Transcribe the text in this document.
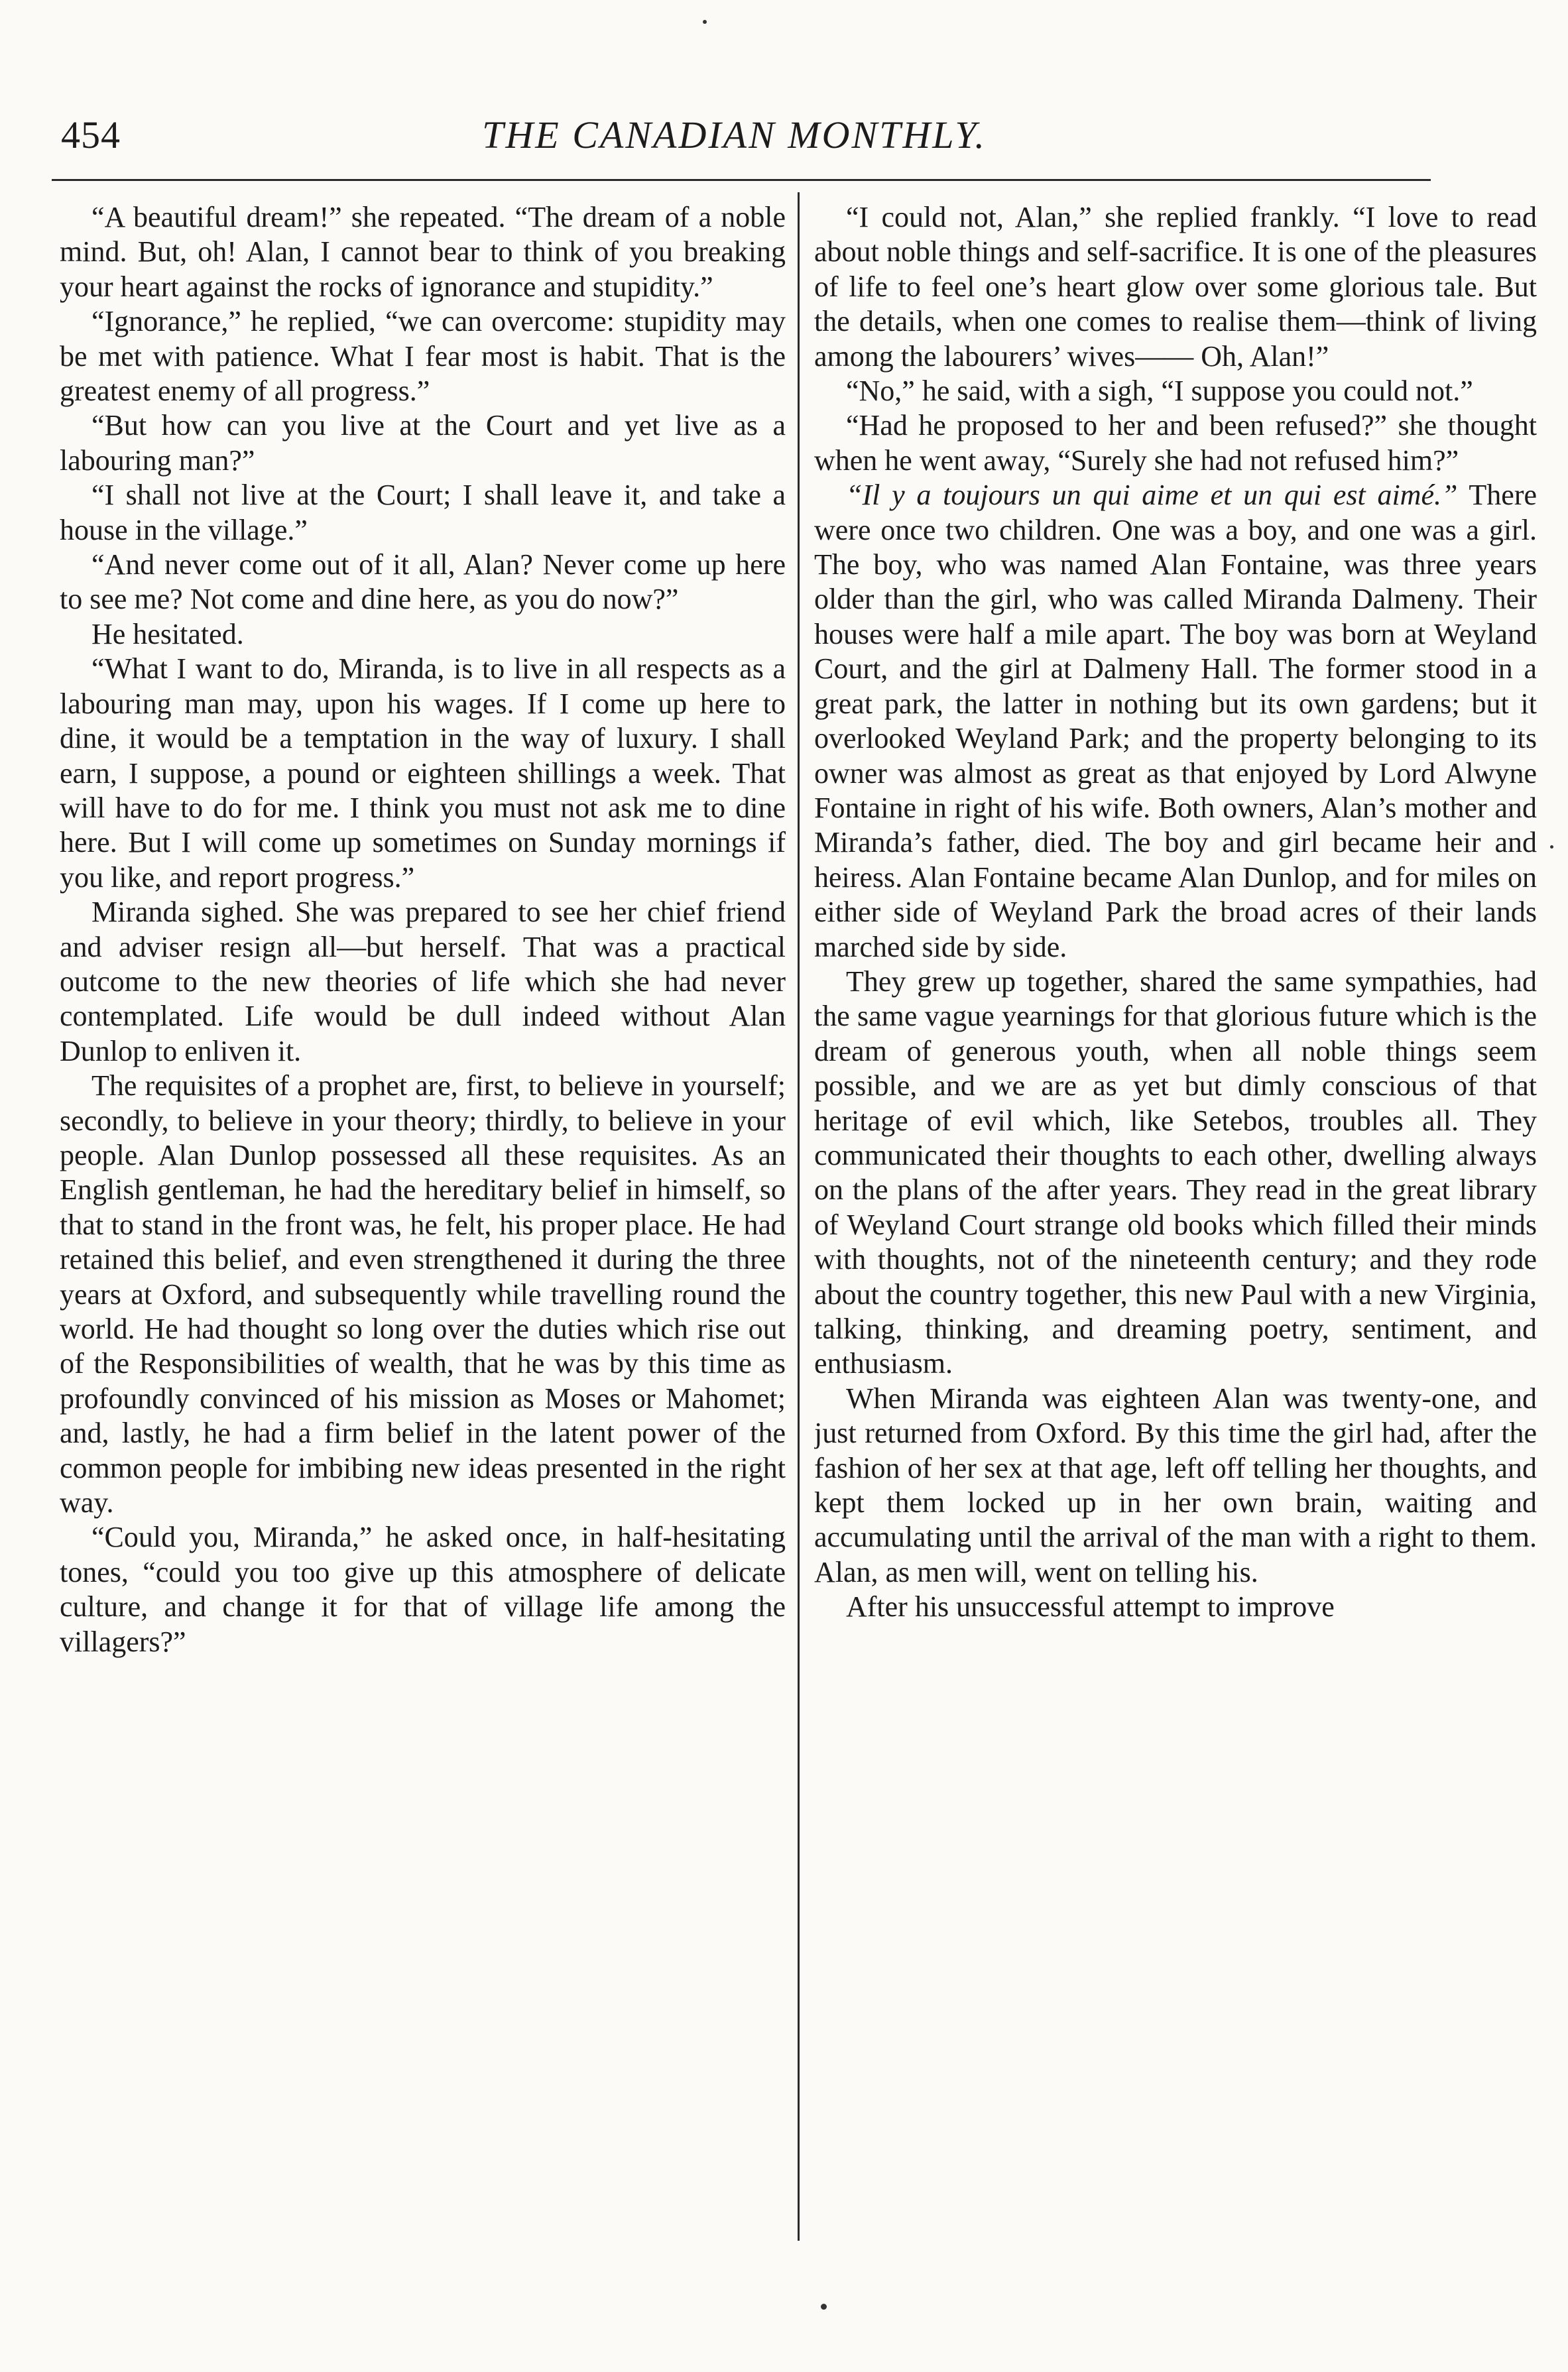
454	THE CANADIAN MONTHLY.

“A beautiful dream!” she repeated. “The dream of a noble mind. But, oh! Alan, I cannot bear to think of you breaking your heart against the rocks of ignorance and stupidity.”

“Ignorance,” he replied, “we can overcome: stupidity may be met with patience. What I fear most is habit. That is the greatest enemy of all progress.”

“But how can you live at the Court and yet live as a labouring man?”

“I shall not live at the Court; I shall leave it, and take a house in the village.”

“And never come out of it all, Alan? Never come up here to see me? Not come and dine here, as you do now?”

He hesitated.

“What I want to do, Miranda, is to live in all respects as a labouring man may, upon his wages. If I come up here to dine, it would be a temptation in the way of luxury. I shall earn, I suppose, a pound or eighteen shillings a week. That will have to do for me. I think you must not ask me to dine here. But I will come up sometimes on Sunday mornings if you like, and report progress.”

Miranda sighed. She was prepared to see her chief friend and adviser resign all—but herself. That was a practical outcome to the new theories of life which she had never contemplated. Life would be dull indeed without Alan Dunlop to enliven it.

The requisites of a prophet are, first, to believe in yourself; secondly, to believe in your theory; thirdly, to believe in your people. Alan Dunlop possessed all these requisites. As an English gentleman, he had the hereditary belief in himself, so that to stand in the front was, he felt, his proper place. He had retained this belief, and even strengthened it during the three years at Oxford, and subsequently while travelling round the world. He had thought so long over the duties which rise out of the Responsibilities of wealth, that he was by this time as profoundly convinced of his mission as Moses or Mahomet; and, lastly, he had a firm belief in the latent power of the common people for imbibing new ideas presented in the right way.

“Could you, Miranda,” he asked once, in half-hesitating tones, “could you too give up this atmosphere of delicate culture, and change it for that of village life among the villagers?”

“I could not, Alan,” she replied frankly. “I love to read about noble things and self-sacrifice. It is one of the pleasures of life to feel one’s heart glow over some glorious tale. But the details, when one comes to realise them—think of living among the labourers’ wives—— Oh, Alan!”

“No,” he said, with a sigh, “I suppose you could not.”

“Had he proposed to her and been refused?” she thought when he went away, “Surely she had not refused him?”

“Il y a toujours un qui aime et un qui est aimé.” There were once two children. One was a boy, and one was a girl. The boy, who was named Alan Fontaine, was three years older than the girl, who was called Miranda Dalmeny. Their houses were half a mile apart. The boy was born at Weyland Court, and the girl at Dalmeny Hall. The former stood in a great park, the latter in nothing but its own gardens; but it overlooked Weyland Park; and the property belonging to its owner was almost as great as that enjoyed by Lord Alwyne Fontaine in right of his wife. Both owners, Alan’s mother and Miranda’s father, died. The boy and girl became heir and heiress. Alan Fontaine became Alan Dunlop, and for miles on either side of Weyland Park the broad acres of their lands marched side by side.

They grew up together, shared the same sympathies, had the same vague yearnings for that glorious future which is the dream of generous youth, when all noble things seem possible, and we are as yet but dimly conscious of that heritage of evil which, like Setebos, troubles all. They communicated their thoughts to each other, dwelling always on the plans of the after years. They read in the great library of Weyland Court strange old books which filled their minds with thoughts, not of the nineteenth century; and they rode about the country together, this new Paul with a new Virginia, talking, thinking, and dreaming poetry, sentiment, and enthusiasm.

When Miranda was eighteen Alan was twenty-one, and just returned from Oxford. By this time the girl had, after the fashion of her sex at that age, left off telling her thoughts, and kept them locked up in her own brain, waiting and accumulating until the arrival of the man with a right to them. Alan, as men will, went on telling his.

After his unsuccessful attempt to improve
